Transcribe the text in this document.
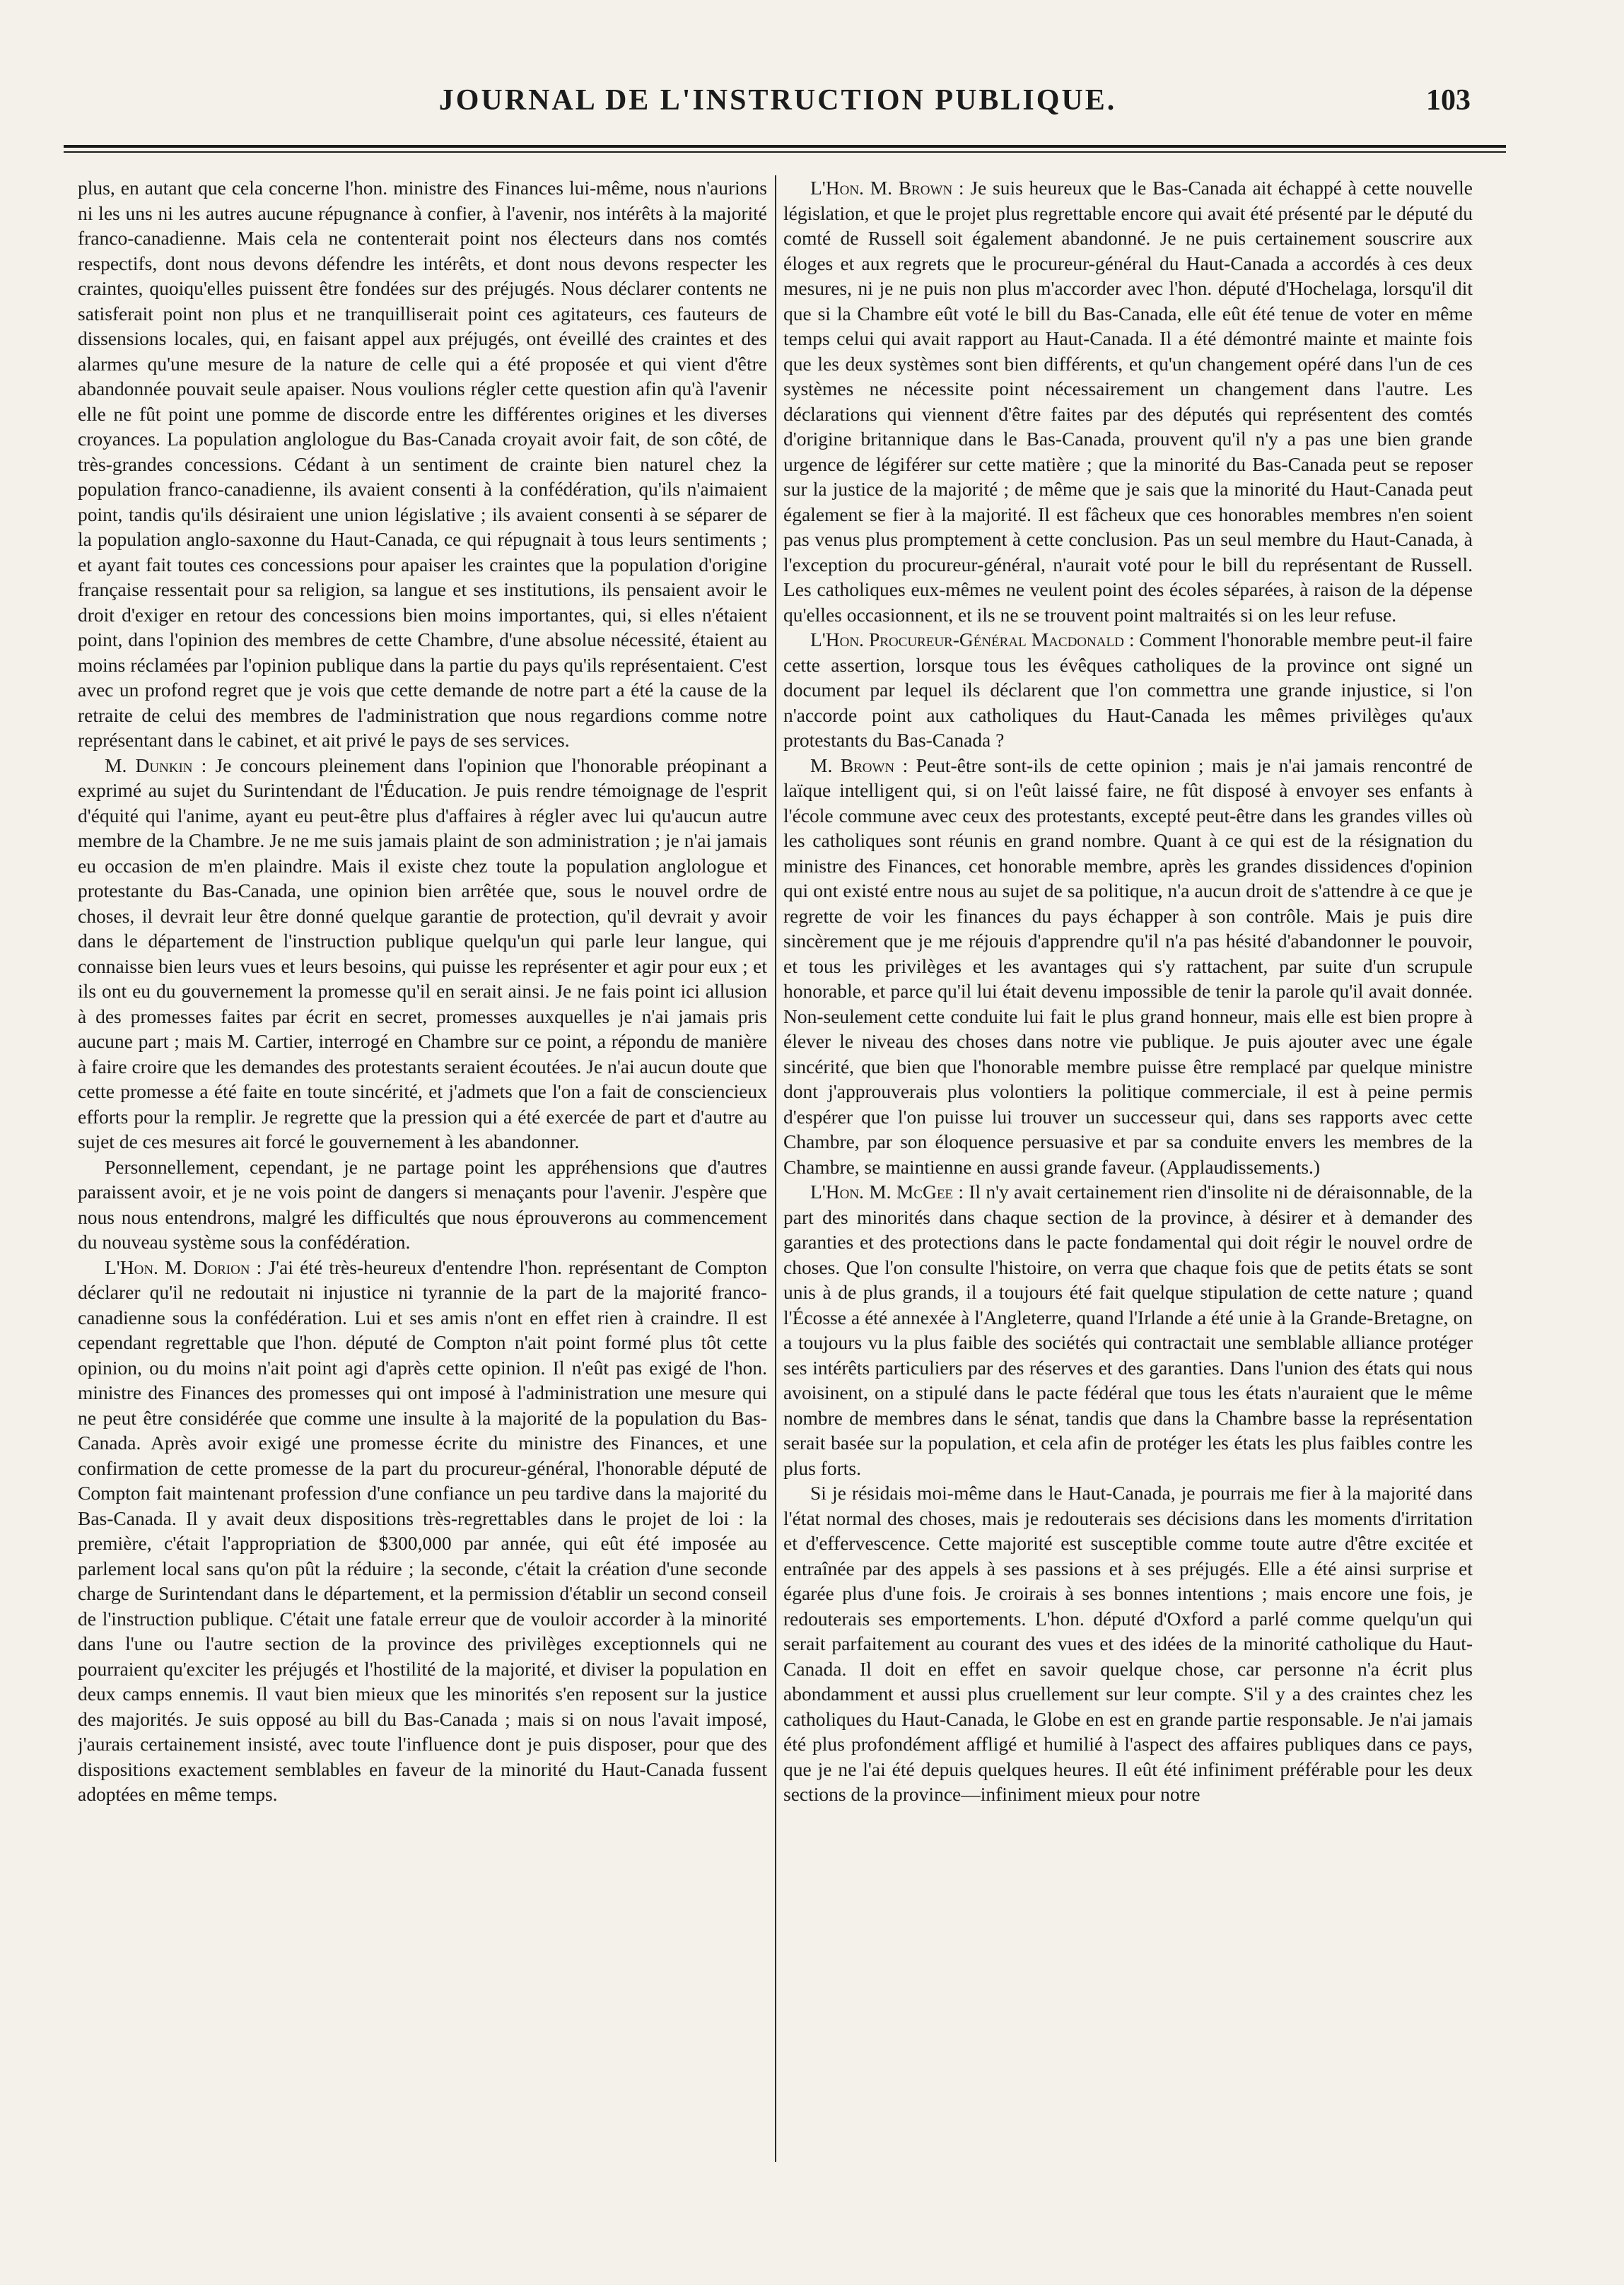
JOURNAL DE L'INSTRUCTION PUBLIQUE.	103

plus, en autant que cela concerne l'hon. ministre des Finances lui-même, nous n'aurions ni les uns ni les autres aucune répugnance à confier, à l'avenir, nos intérêts à la majorité franco-canadienne. Mais cela ne contenterait point nos électeurs dans nos comtés respectifs, dont nous devons défendre les intérêts, et dont nous devons respecter les craintes, quoiqu'elles puissent être fondées sur des préjugés. Nous déclarer contents ne satisferait point non plus et ne tranquilliserait point ces agitateurs, ces fauteurs de dissensions locales, qui, en faisant appel aux préjugés, ont éveillé des craintes et des alarmes qu'une mesure de la nature de celle qui a été proposée et qui vient d'être abandonnée pouvait seule apaiser. Nous voulions régler cette question afin qu'à l'avenir elle ne fût point une pomme de discorde entre les différentes origines et les diverses croyances. La population anglologue du Bas-Canada croyait avoir fait, de son côté, de très-grandes concessions. Cédant à un sentiment de crainte bien naturel chez la population franco-canadienne, ils avaient consenti à la confédération, qu'ils n'aimaient point, tandis qu'ils désiraient une union législative ; ils avaient consenti à se séparer de la population anglo-saxonne du Haut-Canada, ce qui répugnait à tous leurs sentiments ; et ayant fait toutes ces concessions pour apaiser les craintes que la population d'origine française ressentait pour sa religion, sa langue et ses institutions, ils pensaient avoir le droit d'exiger en retour des concessions bien moins importantes, qui, si elles n'étaient point, dans l'opinion des membres de cette Chambre, d'une absolue nécessité, étaient au moins réclamées par l'opinion publique dans la partie du pays qu'ils représentaient. C'est avec un profond regret que je vois que cette demande de notre part a été la cause de la retraite de celui des membres de l'administration que nous regardions comme notre représentant dans le cabinet, et ait privé le pays de ses services.

M. Dunkin : Je concours pleinement dans l'opinion que l'honorable préopinant a exprimé au sujet du Surintendant de l'Éducation. Je puis rendre témoignage de l'esprit d'équité qui l'anime, ayant eu peut-être plus d'affaires à régler avec lui qu'aucun autre membre de la Chambre. Je ne me suis jamais plaint de son administration ; je n'ai jamais eu occasion de m'en plaindre. Mais il existe chez toute la population anglologue et protestante du Bas-Canada, une opinion bien arrêtée que, sous le nouvel ordre de choses, il devrait leur être donné quelque garantie de protection, qu'il devrait y avoir dans le département de l'instruction publique quelqu'un qui parle leur langue, qui connaisse bien leurs vues et leurs besoins, qui puisse les représenter et agir pour eux ; et ils ont eu du gouvernement la promesse qu'il en serait ainsi. Je ne fais point ici allusion à des promesses faites par écrit en secret, promesses auxquelles je n'ai jamais pris aucune part ; mais M. Cartier, interrogé en Chambre sur ce point, a répondu de manière à faire croire que les demandes des protestants seraient écoutées. Je n'ai aucun doute que cette promesse a été faite en toute sincérité, et j'admets que l'on a fait de consciencieux efforts pour la remplir. Je regrette que la pression qui a été exercée de part et d'autre au sujet de ces mesures ait forcé le gouvernement à les abandonner.

Personnellement, cependant, je ne partage point les appréhensions que d'autres paraissent avoir, et je ne vois point de dangers si menaçants pour l'avenir. J'espère que nous nous entendrons, malgré les difficultés que nous éprouverons au commencement du nouveau système sous la confédération.

L'Hon. M. Dorion : J'ai été très-heureux d'entendre l'hon. représentant de Compton déclarer qu'il ne redoutait ni injustice ni tyrannie de la part de la majorité franco-canadienne sous la confédération. Lui et ses amis n'ont en effet rien à craindre. Il est cependant regrettable que l'hon. député de Compton n'ait point formé plus tôt cette opinion, ou du moins n'ait point agi d'après cette opinion. Il n'eût pas exigé de l'hon. ministre des Finances des promesses qui ont imposé à l'administration une mesure qui ne peut être considérée que comme une insulte à la majorité de la population du Bas-Canada. Après avoir exigé une promesse écrite du ministre des Finances, et une confirmation de cette promesse de la part du procureur-général, l'honorable député de Compton fait maintenant profession d'une confiance un peu tardive dans la majorité du Bas-Canada. Il y avait deux dispositions très-regrettables dans le projet de loi : la première, c'était l'appropriation de $300,000 par année, qui eût été imposée au parlement local sans qu'on pût la réduire ; la seconde, c'était la création d'une seconde charge de Surintendant dans le département, et la permission d'établir un second conseil de l'instruction publique. C'était une fatale erreur que de vouloir accorder à la minorité dans l'une ou l'autre section de la province des privilèges exceptionnels qui ne pourraient qu'exciter les préjugés et l'hostilité de la majorité, et diviser la population en deux camps ennemis. Il vaut bien mieux que les minorités s'en reposent sur la justice des majorités. Je suis opposé au bill du Bas-Canada ; mais si on nous l'avait imposé, j'aurais certainement insisté, avec toute l'influence dont je puis disposer, pour que des dispositions exactement semblables en faveur de la minorité du Haut-Canada fussent adoptées en même temps.

L'Hon. M. Brown : Je suis heureux que le Bas-Canada ait échappé à cette nouvelle législation, et que le projet plus regrettable encore qui avait été présenté par le député du comté de Russell soit également abandonné. Je ne puis certainement souscrire aux éloges et aux regrets que le procureur-général du Haut-Canada a accordés à ces deux mesures, ni je ne puis non plus m'accorder avec l'hon. député d'Hochelaga, lorsqu'il dit que si la Chambre eût voté le bill du Bas-Canada, elle eût été tenue de voter en même temps celui qui avait rapport au Haut-Canada. Il a été démontré mainte et mainte fois que les deux systèmes sont bien différents, et qu'un changement opéré dans l'un de ces systèmes ne nécessite point nécessairement un changement dans l'autre. Les déclarations qui viennent d'être faites par des députés qui représentent des comtés d'origine britannique dans le Bas-Canada, prouvent qu'il n'y a pas une bien grande urgence de légiférer sur cette matière ; que la minorité du Bas-Canada peut se reposer sur la justice de la majorité ; de même que je sais que la minorité du Haut-Canada peut également se fier à la majorité. Il est fâcheux que ces honorables membres n'en soient pas venus plus promptement à cette conclusion. Pas un seul membre du Haut-Canada, à l'exception du procureur-général, n'aurait voté pour le bill du représentant de Russell. Les catholiques eux-mêmes ne veulent point des écoles séparées, à raison de la dépense qu'elles occasionnent, et ils ne se trouvent point maltraités si on les leur refuse.

L'Hon. Procureur-Général Macdonald : Comment l'honorable membre peut-il faire cette assertion, lorsque tous les évêques catholiques de la province ont signé un document par lequel ils déclarent que l'on commettra une grande injustice, si l'on n'accorde point aux catholiques du Haut-Canada les mêmes privilèges qu'aux protestants du Bas-Canada ?

M. Brown : Peut-être sont-ils de cette opinion ; mais je n'ai jamais rencontré de laïque intelligent qui, si on l'eût laissé faire, ne fût disposé à envoyer ses enfants à l'école commune avec ceux des protestants, excepté peut-être dans les grandes villes où les catholiques sont réunis en grand nombre. Quant à ce qui est de la résignation du ministre des Finances, cet honorable membre, après les grandes dissidences d'opinion qui ont existé entre nous au sujet de sa politique, n'a aucun droit de s'attendre à ce que je regrette de voir les finances du pays échapper à son contrôle. Mais je puis dire sincèrement que je me réjouis d'apprendre qu'il n'a pas hésité d'abandonner le pouvoir, et tous les privilèges et les avantages qui s'y rattachent, par suite d'un scrupule honorable, et parce qu'il lui était devenu impossible de tenir la parole qu'il avait donnée. Non-seulement cette conduite lui fait le plus grand honneur, mais elle est bien propre à élever le niveau des choses dans notre vie publique. Je puis ajouter avec une égale sincérité, que bien que l'honorable membre puisse être remplacé par quelque ministre dont j'approuverais plus volontiers la politique commerciale, il est à peine permis d'espérer que l'on puisse lui trouver un successeur qui, dans ses rapports avec cette Chambre, par son éloquence persuasive et par sa conduite envers les membres de la Chambre, se maintienne en aussi grande faveur. (Applaudissements.)

L'Hon. M. McGee : Il n'y avait certainement rien d'insolite ni de déraisonnable, de la part des minorités dans chaque section de la province, à désirer et à demander des garanties et des protections dans le pacte fondamental qui doit régir le nouvel ordre de choses. Que l'on consulte l'histoire, on verra que chaque fois que de petits états se sont unis à de plus grands, il a toujours été fait quelque stipulation de cette nature ; quand l'Écosse a été annexée à l'Angleterre, quand l'Irlande a été unie à la Grande-Bretagne, on a toujours vu la plus faible des sociétés qui contractait une semblable alliance protéger ses intérêts particuliers par des réserves et des garanties. Dans l'union des états qui nous avoisinent, on a stipulé dans le pacte fédéral que tous les états n'auraient que le même nombre de membres dans le sénat, tandis que dans la Chambre basse la représentation serait basée sur la population, et cela afin de protéger les états les plus faibles contre les plus forts.

Si je résidais moi-même dans le Haut-Canada, je pourrais me fier à la majorité dans l'état normal des choses, mais je redouterais ses décisions dans les moments d'irritation et d'effervescence. Cette majorité est susceptible comme toute autre d'être excitée et entraînée par des appels à ses passions et à ses préjugés. Elle a été ainsi surprise et égarée plus d'une fois. Je croirais à ses bonnes intentions ; mais encore une fois, je redouterais ses emportements. L'hon. député d'Oxford a parlé comme quelqu'un qui serait parfaitement au courant des vues et des idées de la minorité catholique du Haut-Canada. Il doit en effet en savoir quelque chose, car personne n'a écrit plus abondamment et aussi plus cruellement sur leur compte. S'il y a des craintes chez les catholiques du Haut-Canada, le Globe en est en grande partie responsable. Je n'ai jamais été plus profondément affligé et humilié à l'aspect des affaires publiques dans ce pays, que je ne l'ai été depuis quelques heures. Il eût été infiniment préférable pour les deux sections de la province—infiniment mieux pour notre
